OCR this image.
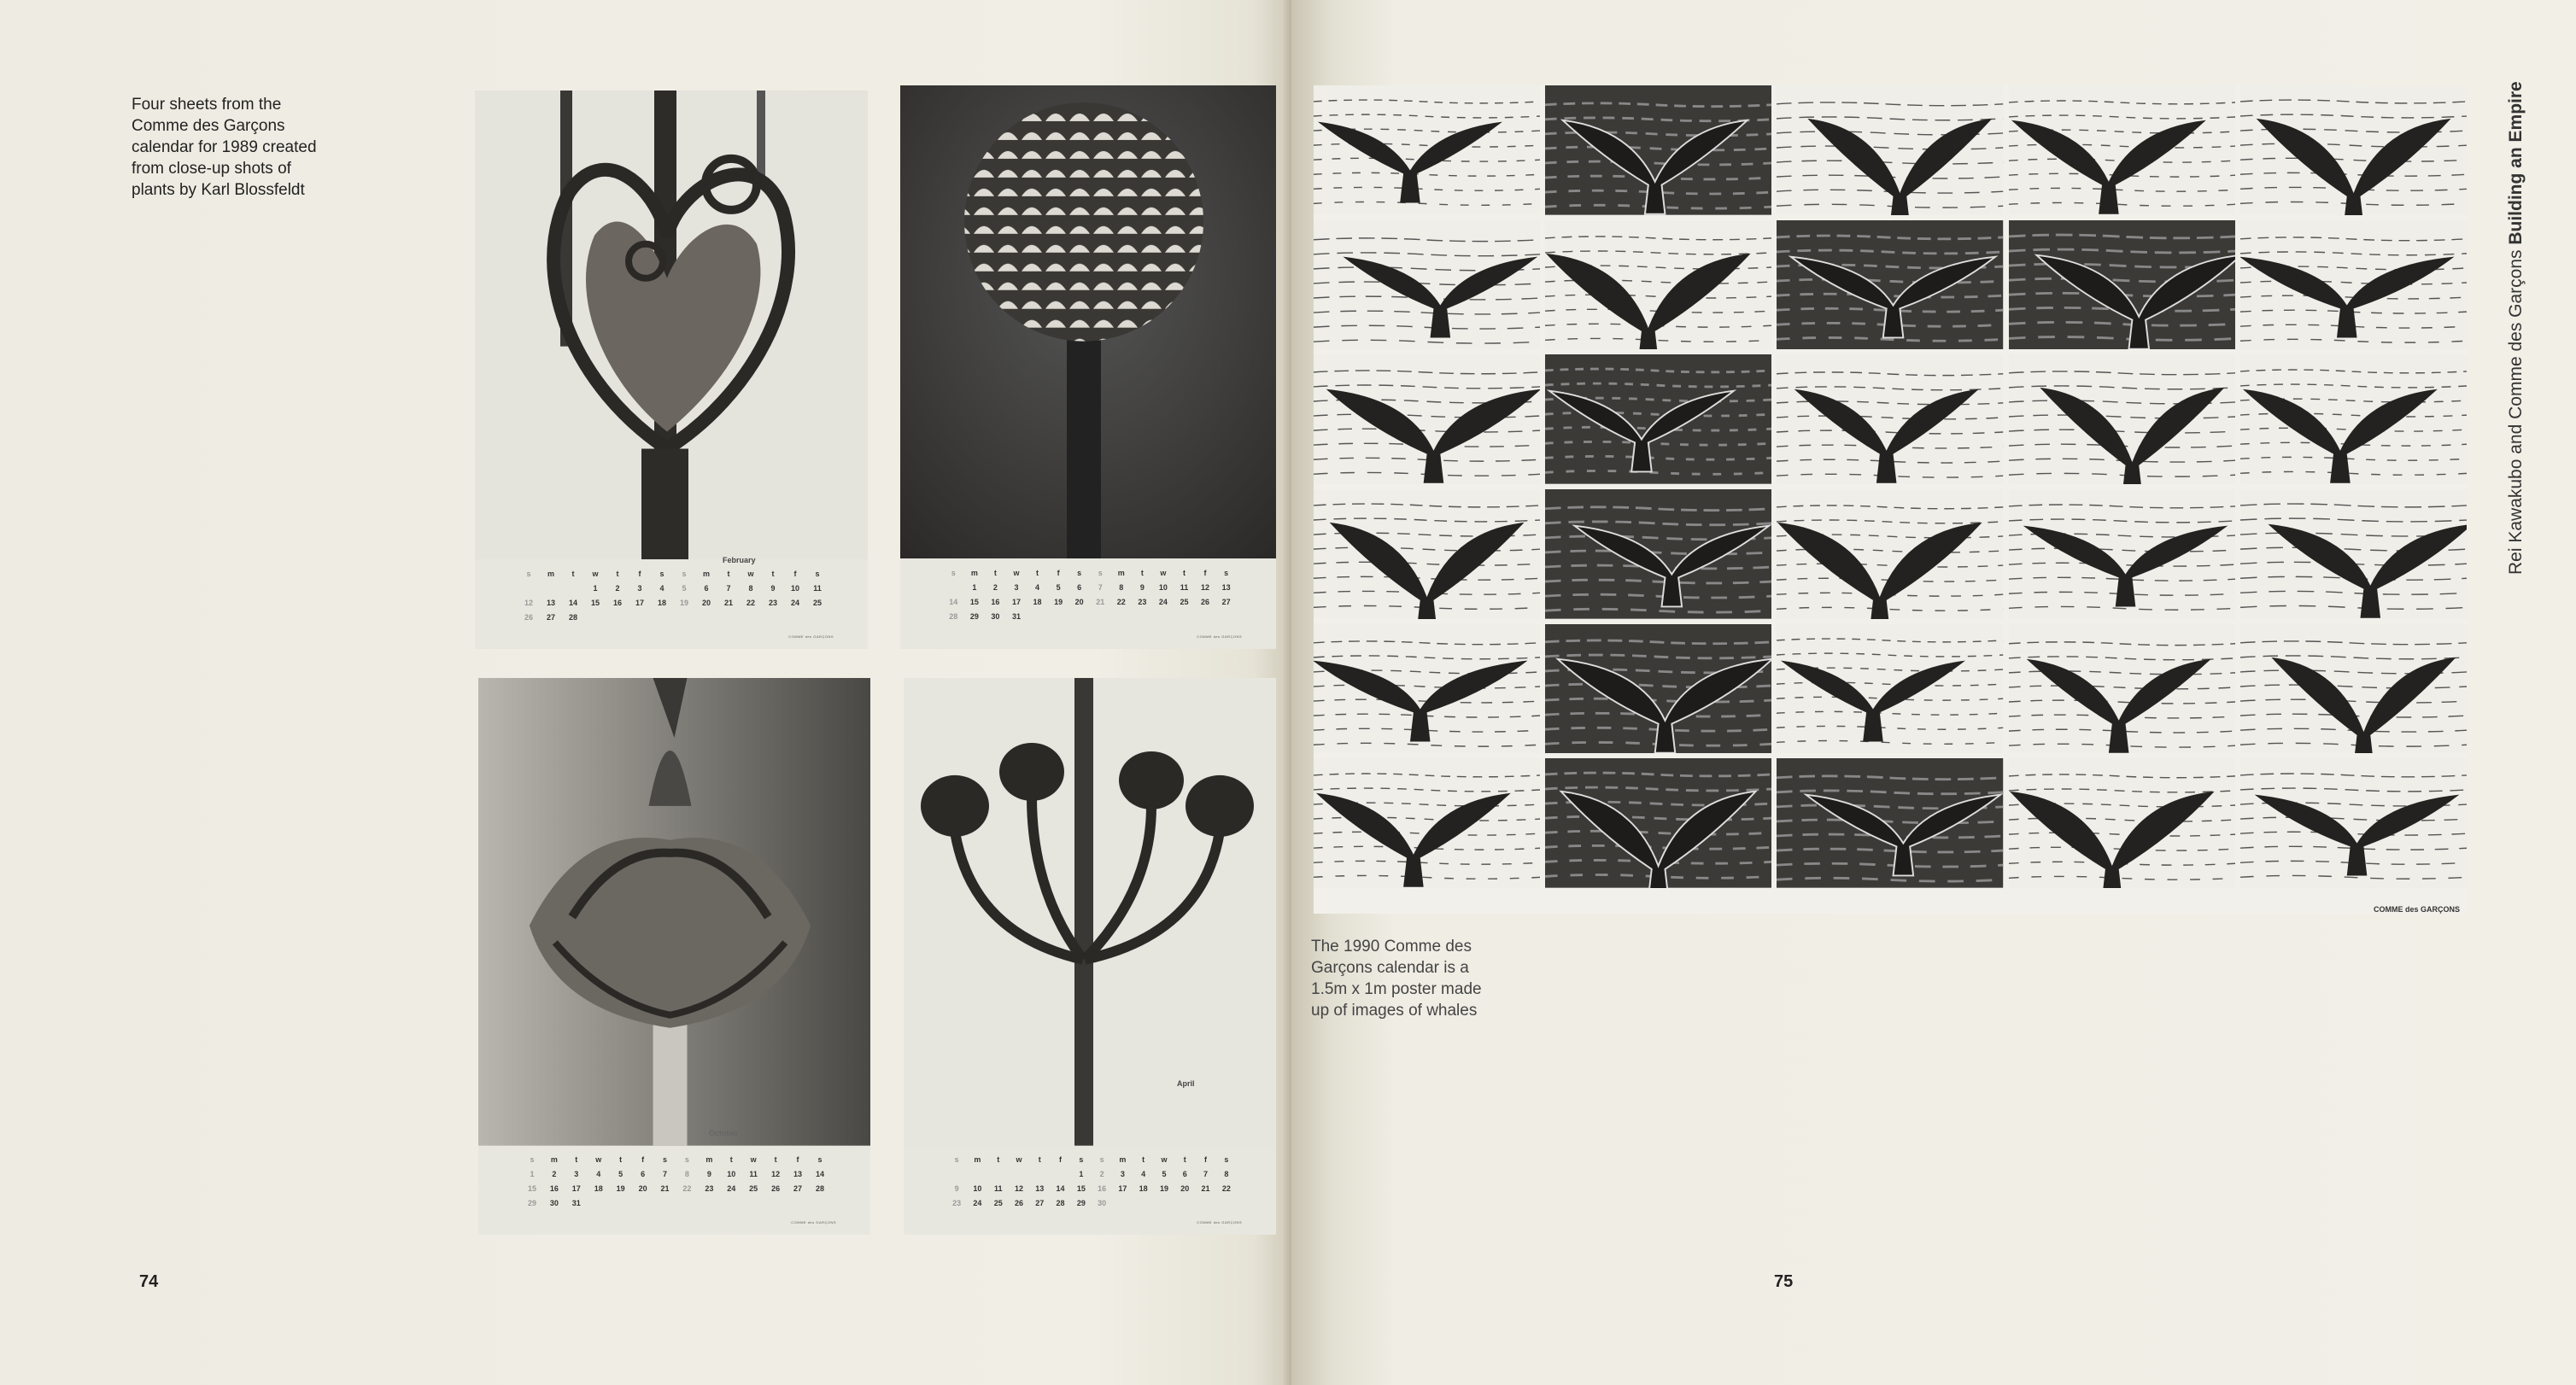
Four sheets from the
Comme des Garçons
calendar for 1989 created
from close-up shots of
plants by Karl Blossfeldt
February
s	m	t	w	t	f	s	s	m	t	w	t	f	s
			1	2	3	4	5	6	7	8	9	10	11
12	13	14	15	16	17	18	19	20	21	22	23	24	25
26	27	28											
COMME des GARÇONS
s	m	t	w	t	f	s	s	m	t	w	t	f	s
	1	2	3	4	5	6	7	8	9	10	11	12	13
14	15	16	17	18	19	20	21	22	23	24	25	26	27
28	29	30	31										
COMME des GARÇONS
October
s	m	t	w	t	f	s	s	m	t	w	t	f	s
1	2	3	4	5	6	7	8	9	10	11	12	13	14
15	16	17	18	19	20	21	22	23	24	25	26	27	28
29	30	31											
COMME des GARÇONS
April
s	m	t	w	t	f	s	s	m	t	w	t	f	s
						1	2	3	4	5	6	7	8
9	10	11	12	13	14	15	16	17	18	19	20	21	22
23	24	25	26	27	28	29	30						
COMME des GARÇONS
74
COMME des GARÇONS
The 1990 Comme des
Garçons calendar is a
1.5m x 1m poster made
up of images of whales
75
Rei Kawakubo and Comme des Garçons Building an Empire
